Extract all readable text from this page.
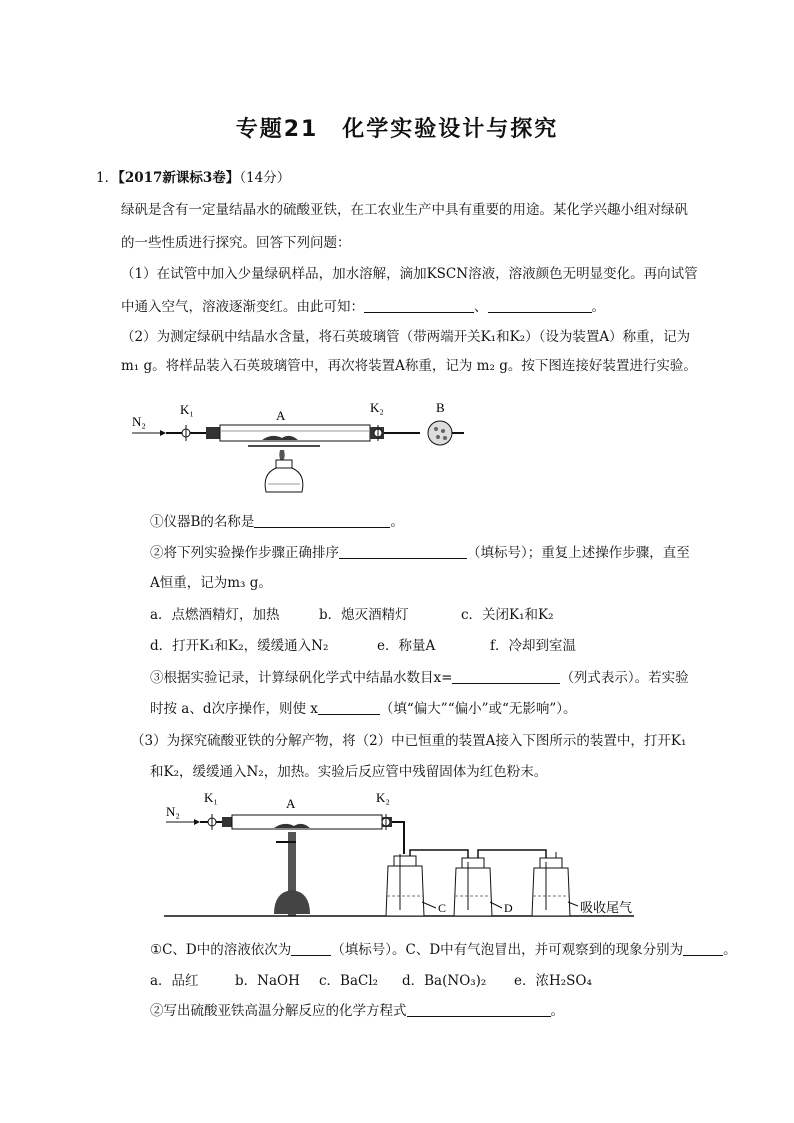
专题21　化学实验设计与探究
1．【2017新课标3卷】（14分）
绿矾是含有一定量结晶水的硫酸亚铁，在工农业生产中具有重要的用途。某化学兴趣小组对绿矾
的一些性质进行探究。回答下列问题：
（1）在试管中加入少量绿矾样品，加水溶解，滴加KSCN溶液，溶液颜色无明显变化。再向试管
中通入空气，溶液逐渐变红。由此可知：	、	。
（2）为测定绿矾中结晶水含量，将石英玻璃管（带两端开关K₁和K₂）（设为装置A）称重，记为
m₁ g。将样品装入石英玻璃管中，再次将装置A称重，记为 m₂ g。按下图连接好装置进行实验。
N₂
K₁	A
K₂	B
①仪器B的名称是	。
②将下列实验操作步骤正确排序	（填标号）；重复上述操作步骤，直至
A恒重，记为m₃ g。
a．点燃酒精灯，加热	b．熄灭酒精灯	c．关闭K₁和K₂
d．打开K₁和K₂，缓缓通入N₂	e．称量A	f．冷却到室温
③根据实验记录，计算绿矾化学式中结晶水数目x=	（列式表示）。若实验
时按 a、d次序操作，则使 x	（填“偏大”“偏小”或“无影响”）。
（3）为探究硫酸亚铁的分解产物，将（2）中已恒重的装置A接入下图所示的装置中，打开K₁
和K₂，缓缓通入N₂，加热。实验后反应管中残留固体为红色粉末。
N₂
K₁	A	K₂
C	D	吸收尾气
①C、D中的溶液依次为	（填标号）。C、D中有气泡冒出，并可观察到的现象分别为	。
a．品红	b．NaOH c．BaCl₂ d．Ba(NO₃)₂ e．浓H₂SO₄
②写出硫酸亚铁高温分解反应的化学方程式	。
